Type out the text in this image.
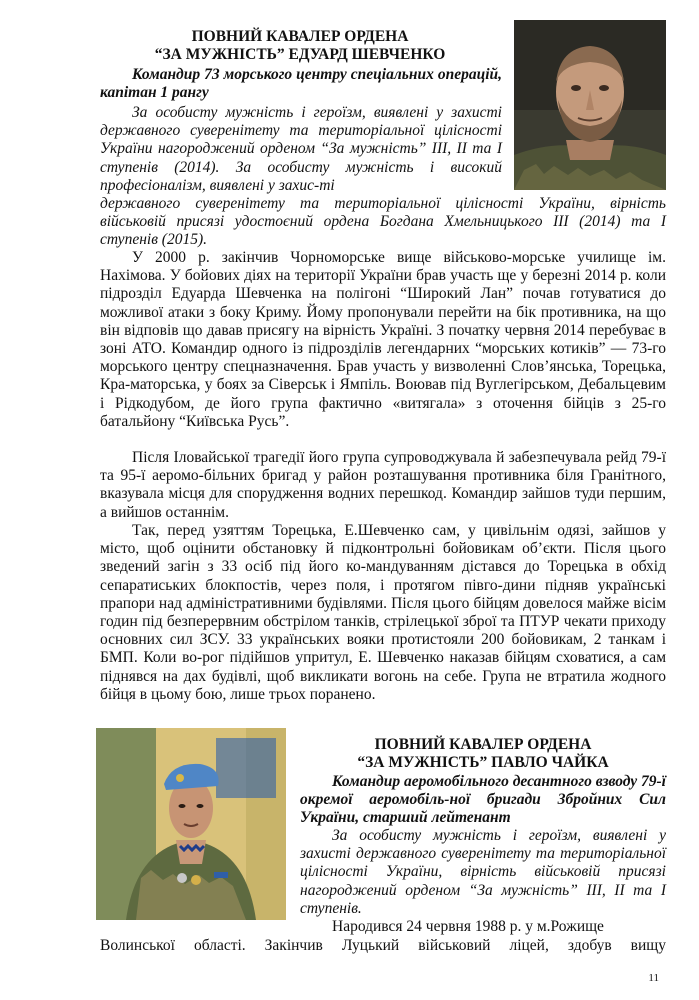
ПОВНИЙ КАВАЛЕР ОРДЕНА
“ЗА МУЖНІСТЬ” ЕДУАРД ШЕВЧЕНКО
Командир 73 морського центру спеціальних операцій, капітан 1 рангу
За особисту мужність і героїзм, виявлені у захисті державного суверенітету та територіальної цілісності України нагороджений орденом “За мужність” ІІІ, ІІ та І ступенів (2014). За особисту мужність і високий професіоналізм, виявлені у захис-ті
державного суверенітету та територіальної цілісності України, вірність військовій присязі удостоєний ордена Богдана Хмельницького ІІІ (2014) та І ступенів (2015).
У 2000 р. закінчив Чорноморське вище військово-морське училище ім. Нахімова. У бойових діях на території України брав участь ще у березні 2014 р. коли підрозділ Едуарда Шевченка на полігоні “Широкий Лан” почав готуватися до можливої атаки з боку Криму. Йому пропонували перейти на бік противника, на що він відповів що давав присягу на вірність Україні. З початку червня 2014 перебуває в зоні АТО. Командир одного із підрозділів легендарних “морських котиків” — 73-го морського центру спецназначення. Брав участь у визволенні Слов’янська, Торецька, Кра-маторська, у боях за Сіверськ і Ямпіль. Воював під Вуглегірськом, Дебальцевим і Рідкодубом, де його група фактично «витягала» з оточення бійців з 25-го батальйону “Київська Русь”.
Після Іловайської трагедії його група супроводжувала й забезпечувала рейд 79-ї та 95-ї аеромо-більних бригад у район розташування противника біля Гранітного, вказувала місця для спорудження водних перешкод. Командир зайшов туди першим, а вийшов останнім.
Так, перед узяттям Торецька, Е.Шевченко сам, у цивільнім одязі, зайшов у місто, щоб оцінити обстановку й підконтрольні бойовикам об’єкти. Після цього зведений загін з 33 осіб під його ко-мандуванням дістався до Торецька в обхід сепаратиських блокпостів, через поля, і протягом півго-дини підняв українські прапори над адміністративними будівлями. Після цього бійцям довелося майже вісім годин під безперервним обстрілом танків, стрілецької зброї та ПТУР чекати приходу основних сил ЗСУ. 33 українських вояки протистояли 200 бойовикам, 2 танкам і БМП. Коли во-рог підійшов упритул, Е. Шевченко наказав бійцям сховатися, а сам піднявся на дах будівлі, щоб викликати вогонь на себе. Група не втратила жодного бійця в цьому бою, лише трьох поранено.
ПОВНИЙ КАВАЛЕР ОРДЕНА
“ЗА МУЖНІСТЬ” ПАВЛО ЧАЙКА
Командир аеромобільного десантного взводу 79-ї окремої аеромобіль-ної бригади Збройних Сил України, старший лейтенант
За особисту мужність і героїзм, виявлені у захисті державного суверенітету та територіальної цілісності України, вірність військовій присязі нагороджений орденом “За мужність” ІІІ, ІІ та І ступенів.
Народився 24 червня 1988 р. у м.Рожище
Волинської області. Закінчив Луцький військовий ліцей, здобув вищу
11
